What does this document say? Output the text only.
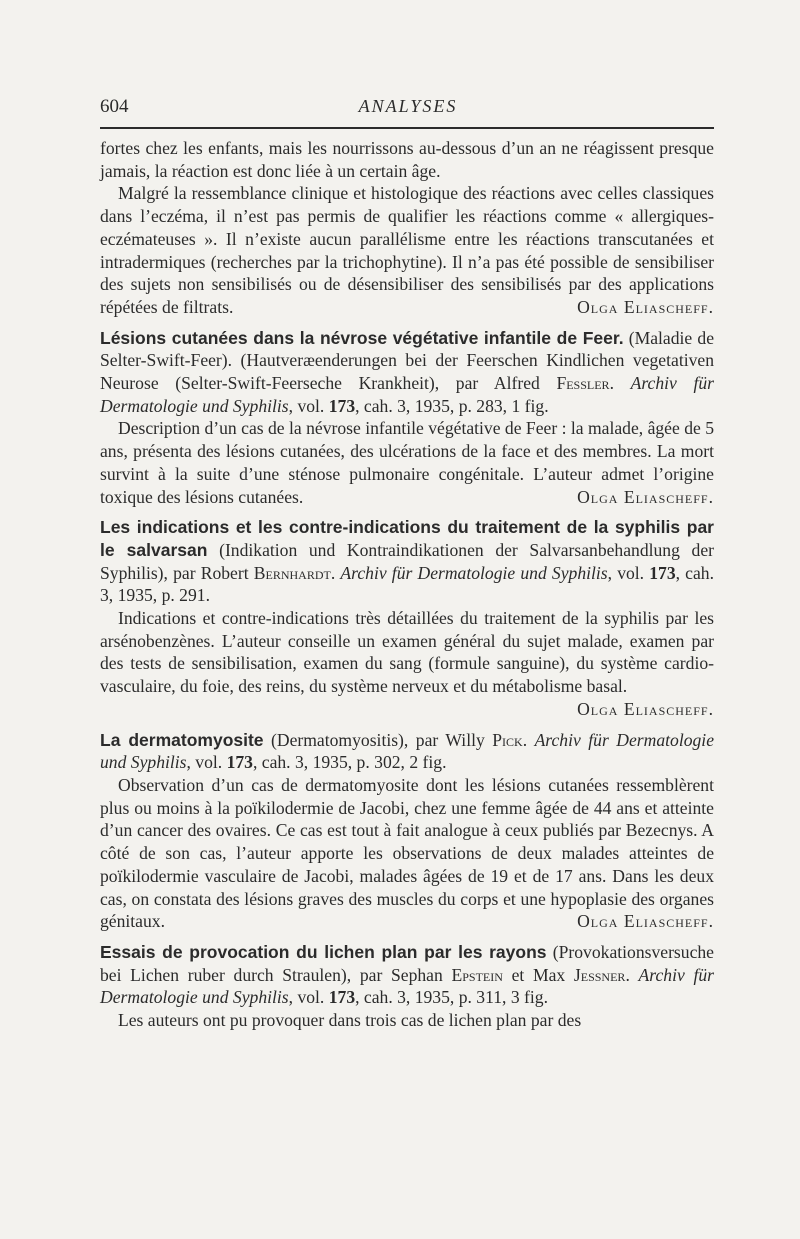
604	ANALYSES

fortes chez les enfants, mais les nourrissons au-dessous d’un an ne réagissent presque jamais, la réaction est donc liée à un certain âge.

Malgré la ressemblance clinique et histologique des réactions avec celles classiques dans l’eczéma, il n’est pas permis de qualifier les réactions comme « allergiques-eczémateuses ». Il n’existe aucun parallélisme entre les réactions transcutanées et intradermiques (recherches par la trichophytine). Il n’a pas été possible de sensibiliser des sujets non sensibilisés ou de désensibiliser des sensibilisés par des applications répétées de filtrats.	Olga Eliascheff.

Lésions cutanées dans la névrose végétative infantile de Feer. (Maladie de Selter-Swift-Feer). (Hautveræenderungen bei der Feerschen Kindlichen vegetativen Neurose (Selter-Swift-Feerseche Krankheit), par Alfred Fessler. Archiv für Dermatologie und Syphilis, vol. 173, cah. 3, 1935, p. 283, 1 fig.

Description d’un cas de la névrose infantile végétative de Feer : la malade, âgée de 5 ans, présenta des lésions cutanées, des ulcérations de la face et des membres. La mort survint à la suite d’une sténose pulmonaire congénitale. L’auteur admet l’origine toxique des lésions cutanées.	Olga Eliascheff.

Les indications et les contre-indications du traitement de la syphilis par le salvarsan (Indikation und Kontraindikationen der Salvarsanbehandlung der Syphilis), par Robert Bernhardt. Archiv für Dermatologie und Syphilis, vol. 173, cah. 3, 1935, p. 291.

Indications et contre-indications très détaillées du traitement de la syphilis par les arsénobenzènes. L’auteur conseille un examen général du sujet malade, examen par des tests de sensibilisation, examen du sang (formule sanguine), du système cardio-vasculaire, du foie, des reins, du système nerveux et du métabolisme basal.

Olga Eliascheff.

La dermatomyosite (Dermatomyositis), par Willy Pick. Archiv für Dermatologie und Syphilis, vol. 173, cah. 3, 1935, p. 302, 2 fig.

Observation d’un cas de dermatomyosite dont les lésions cutanées ressemblèrent plus ou moins à la poïkilodermie de Jacobi, chez une femme âgée de 44 ans et atteinte d’un cancer des ovaires. Ce cas est tout à fait analogue à ceux publiés par Bezecnys. A côté de son cas, l’auteur apporte les observations de deux malades atteintes de poïkilodermie vasculaire de Jacobi, malades âgées de 19 et de 17 ans. Dans les deux cas, on constata des lésions graves des muscles du corps et une hypoplasie des organes génitaux.	Olga Eliascheff.

Essais de provocation du lichen plan par les rayons (Provokationsversuche bei Lichen ruber durch Straulen), par Sephan Epstein et Max Jessner. Archiv für Dermatologie und Syphilis, vol. 173, cah. 3, 1935, p. 311, 3 fig.

Les auteurs ont pu provoquer dans trois cas de lichen plan par des
